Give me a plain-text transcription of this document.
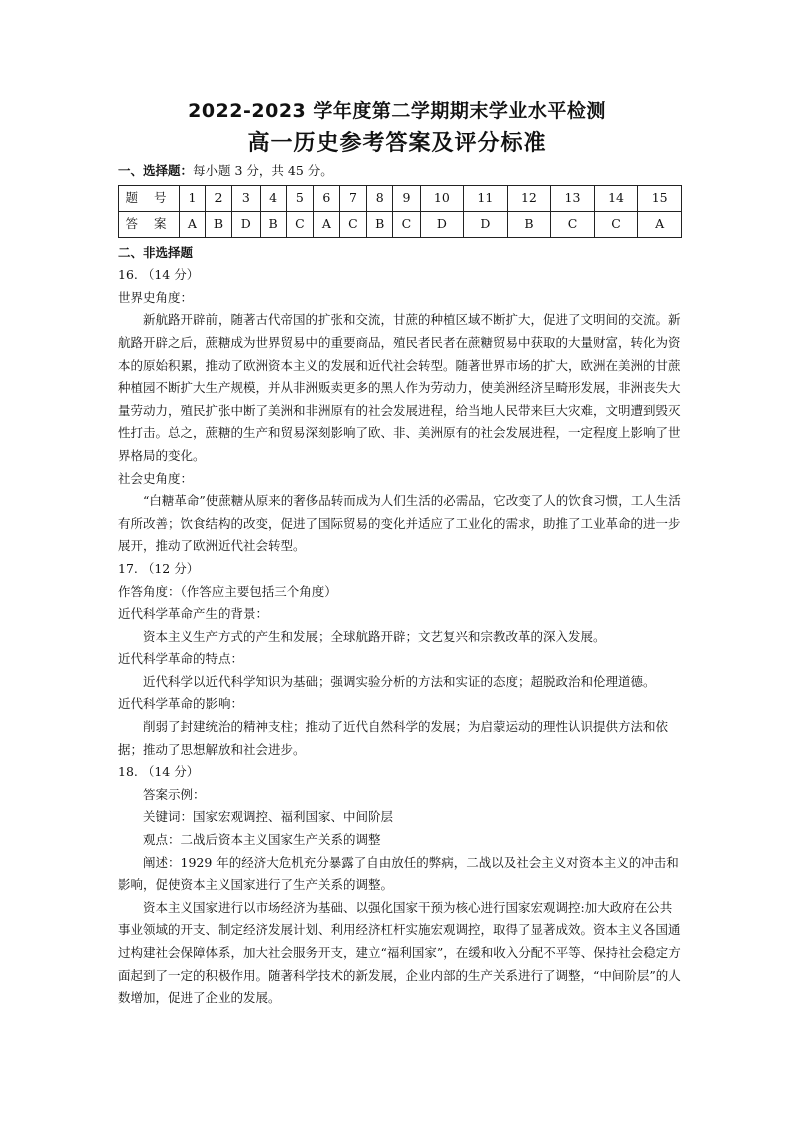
2022-2023 学年度第二学期期末学业水平检测
高一历史参考答案及评分标准

一、选择题：每小题 3 分，共 45 分。

题 号	1	2	3	4	5	6	7	8	9	10	11	12	13	14	15
答 案	A	B	D	B	C	A	C	B	C	D	D	B	C	C	A

二、非选择题

16. （14 分）

世界史角度：

新航路开辟前，随著古代帝国的扩张和交流，甘蔗的种植区域不断扩大，促进了文明间的交流。新航路开辟之后，蔗糖成为世界贸易中的重要商品，殖民者民者在蔗糖贸易中获取的大量财富，转化为资本的原始积累，推动了欧洲资本主义的发展和近代社会转型。随著世界市场的扩大，欧洲在美洲的甘蔗种植园不断扩大生产规模，并从非洲贩卖更多的黑人作为劳动力，使美洲经济呈畸形发展，非洲丧失大量劳动力，殖民扩张中断了美洲和非洲原有的社会发展进程，给当地人民带来巨大灾难，文明遭到毁灭性打击。总之，蔗糖的生产和贸易深刻影响了欧、非、美洲原有的社会发展进程，一定程度上影响了世界格局的变化。

社会史角度：

“白糖革命”使蔗糖从原来的奢侈品转而成为人们生活的必需品，它改变了人的饮食习惯，工人生活有所改善；饮食结构的改变，促进了国际贸易的变化并适应了工业化的需求，助推了工业革命的进一步展开，推动了欧洲近代社会转型。

17. （12 分）

作答角度：（作答应主要包括三个角度）

近代科学革命产生的背景：

资本主义生产方式的产生和发展；全球航路开辟；文艺复兴和宗教改革的深入发展。

近代科学革命的特点：

近代科学以近代科学知识为基础；强调实验分析的方法和实证的态度；超脱政治和伦理道德。

近代科学革命的影响：

削弱了封建统治的精神支柱；推动了近代自然科学的发展；为启蒙运动的理性认识提供方法和依据；推动了思想解放和社会进步。

18. （14 分）

答案示例：

关键词：国家宏观调控、福利国家、中间阶层

观点：二战后资本主义国家生产关系的调整

阐述：1929 年的经济大危机充分暴露了自由放任的弊病，二战以及社会主义对资本主义的冲击和影响，促使资本主义国家进行了生产关系的调整。

资本主义国家进行以市场经济为基础、以强化国家干预为核心进行国家宏观调控:加大政府在公共事业领域的开支、制定经济发展计划、利用经济杠杆实施宏观调控，取得了显著成效。资本主义各国通过构建社会保障体系，加大社会服务开支，建立“福利国家”，在缓和收入分配不平等、保持社会稳定方面起到了一定的积极作用。随著科学技术的新发展，企业内部的生产关系进行了调整，“中间阶层”的人数增加，促进了企业的发展。
